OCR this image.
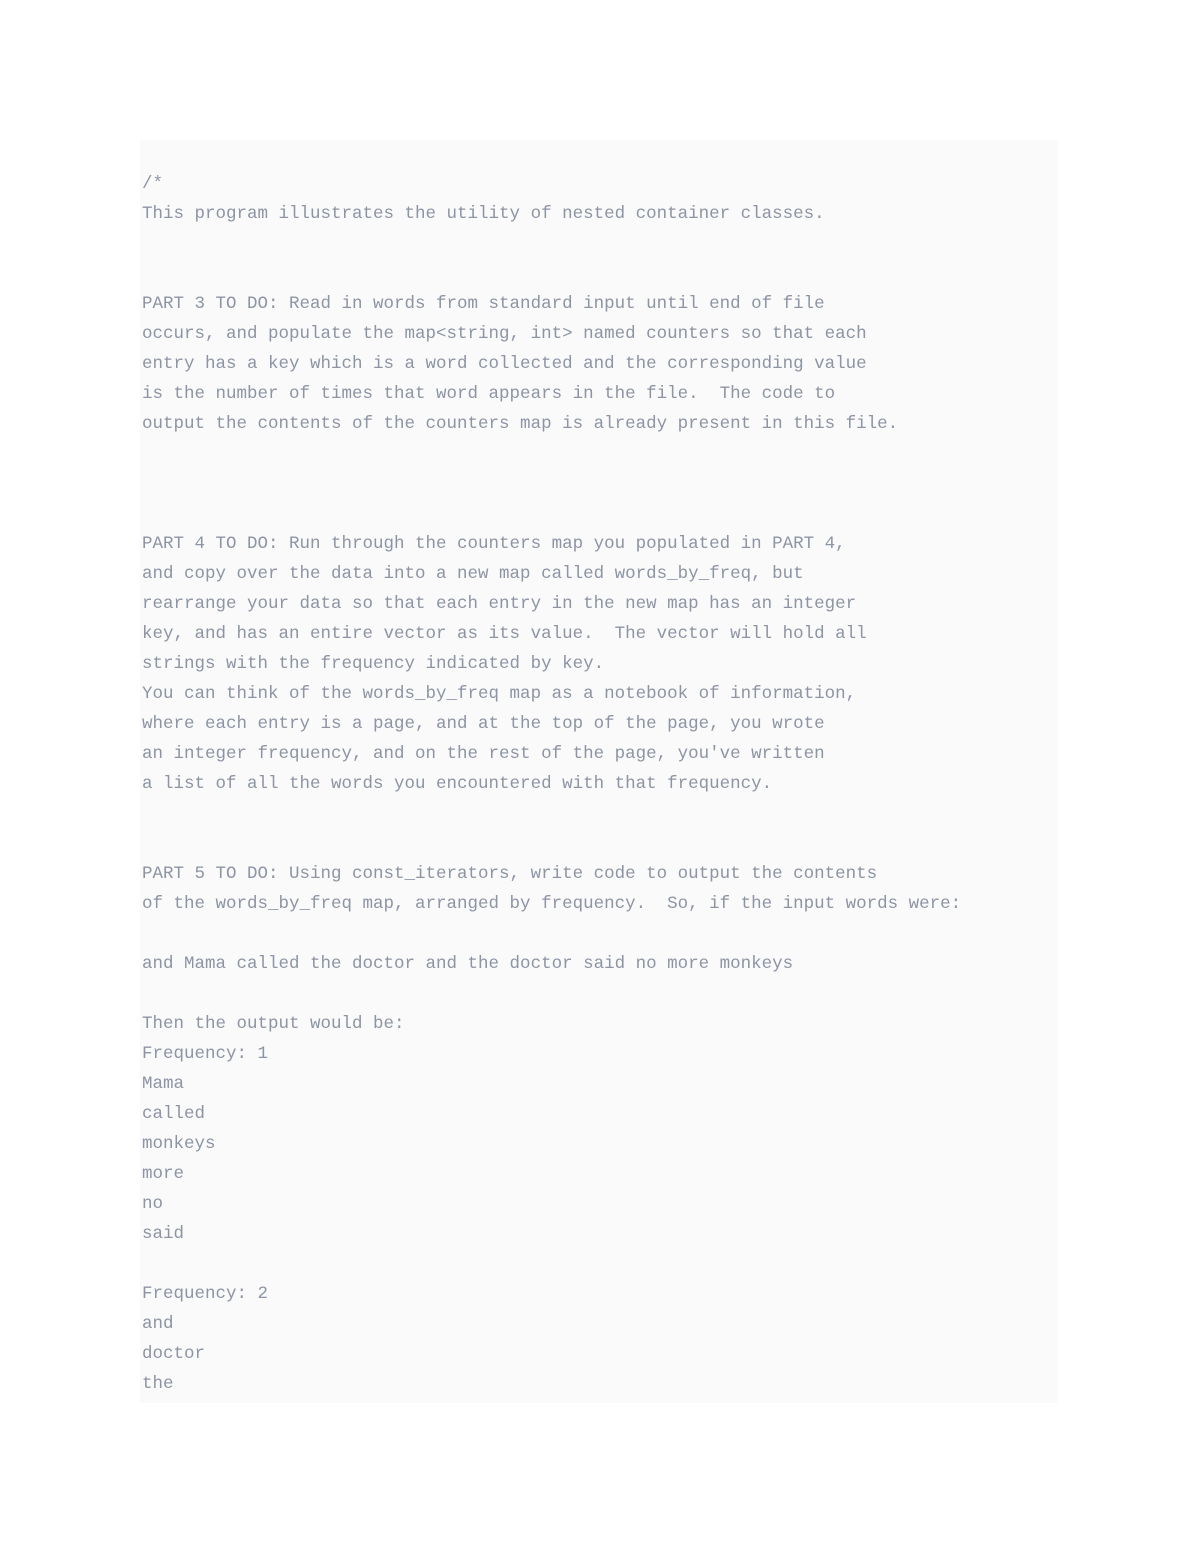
/*
This program illustrates the utility of nested container classes.
PART 3 TO DO: Read in words from standard input until end of file
occurs, and populate the map<string, int> named counters so that each
entry has a key which is a word collected and the corresponding value
is the number of times that word appears in the file.  The code to
output the contents of the counters map is already present in this file.
PART 4 TO DO: Run through the counters map you populated in PART 4,
and copy over the data into a new map called words_by_freq, but
rearrange your data so that each entry in the new map has an integer
key, and has an entire vector as its value.  The vector will hold all
strings with the frequency indicated by key.
You can think of the words_by_freq map as a notebook of information,
where each entry is a page, and at the top of the page, you wrote
an integer frequency, and on the rest of the page, you've written
a list of all the words you encountered with that frequency.
PART 5 TO DO: Using const_iterators, write code to output the contents
of the words_by_freq map, arranged by frequency.  So, if the input words were:
and Mama called the doctor and the doctor said no more monkeys
Then the output would be:
Frequency: 1
Mama
called
monkeys
more
no
said
Frequency: 2
and
doctor
the
